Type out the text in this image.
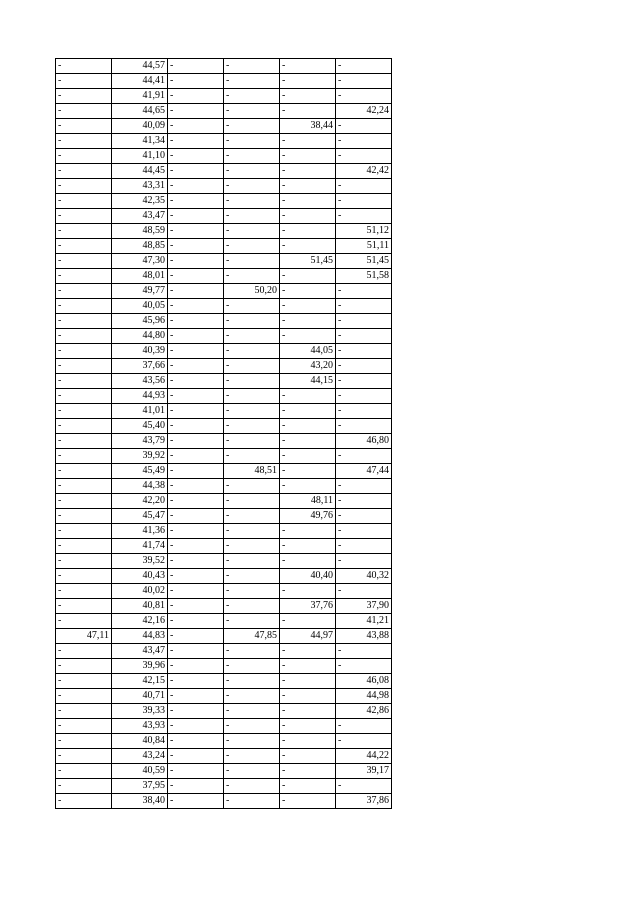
-	44,57	-	-	-	-
-	44,41	-	-	-	-
-	41,91	-	-	-	-
-	44,65	-	-	-	42,24
-	40,09	-	-	38,44	-
-	41,34	-	-	-	-
-	41,10	-	-	-	-
-	44,45	-	-	-	42,42
-	43,31	-	-	-	-
-	42,35	-	-	-	-
-	43,47	-	-	-	-
-	48,59	-	-	-	51,12
-	48,85	-	-	-	51,11
-	47,30	-	-	51,45	51,45
-	48,01	-	-	-	51,58
-	49,77	-	50,20	-	-
-	40,05	-	-	-	-
-	45,96	-	-	-	-
-	44,80	-	-	-	-
-	40,39	-	-	44,05	-
-	37,66	-	-	43,20	-
-	43,56	-	-	44,15	-
-	44,93	-	-	-	-
-	41,01	-	-	-	-
-	45,40	-	-	-	-
-	43,79	-	-	-	46,80
-	39,92	-	-	-	-
-	45,49	-	48,51	-	47,44
-	44,38	-	-	-	-
-	42,20	-	-	48,11	-
-	45,47	-	-	49,76	-
-	41,36	-	-	-	-
-	41,74	-	-	-	-
-	39,52	-	-	-	-
-	40,43	-	-	40,40	40,32
-	40,02	-	-	-	-
-	40,81	-	-	37,76	37,90
-	42,16	-	-	-	41,21
47,11	44,83	-	47,85	44,97	43,88
-	43,47	-	-	-	-
-	39,96	-	-	-	-
-	42,15	-	-	-	46,08
-	40,71	-	-	-	44,98
-	39,33	-	-	-	42,86
-	43,93	-	-	-	-
-	40,84	-	-	-	-
-	43,24	-	-	-	44,22
-	40,59	-	-	-	39,17
-	37,95	-	-	-	-
-	38,40	-	-	-	37,86
